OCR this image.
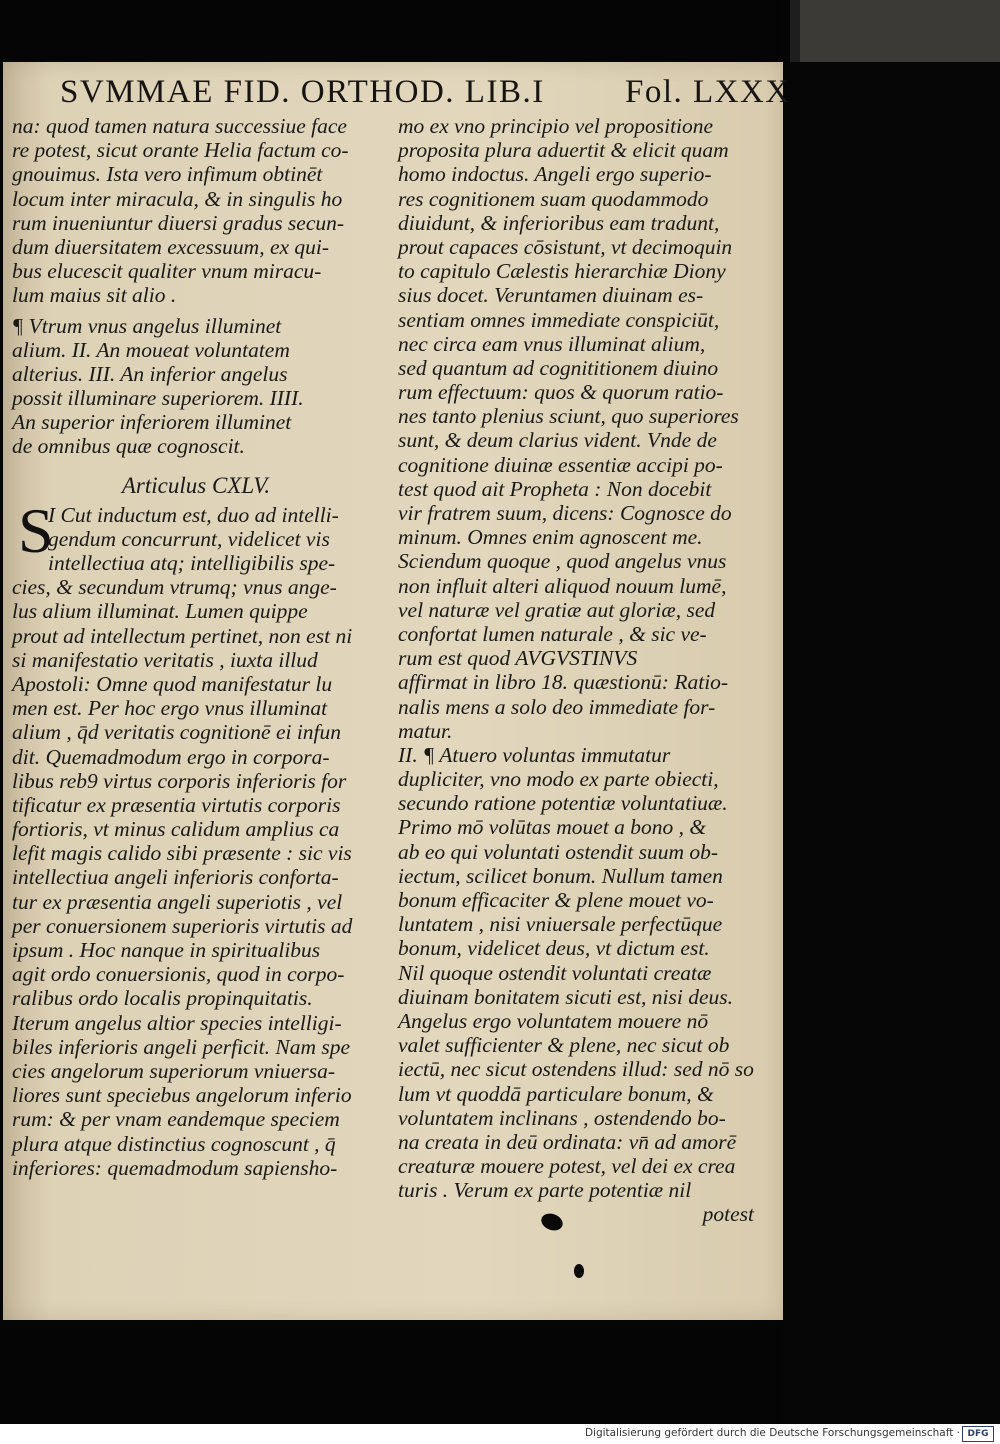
SVMMAE FID. ORTHOD. LIB.I Fol. LXXX
na: quod tamen natura successiue face
re potest, sicut orante Helia factum co-
gnouimus. Ista vero infimum obtinēt
locum inter miracula, & in singulis ho
rum inueniuntur diuersi gradus secun-
dum diuersitatem excessuum, ex qui-
bus elucescit qualiter vnum miracu-
lum maius sit alio .
¶ Vtrum vnus angelus illuminet
alium. II. An moueat voluntatem
alterius. III. An inferior angelus
possit illuminare superiorem. IIII.
An superior inferiorem illuminet
de omnibus quæ cognoscit.
Articulus CXLV.
S
I Cut inductum est, duo ad intelli-
gendum concurrunt, videlicet vis
intellectiua atq; intelligibilis spe-
cies, & secundum vtrumq; vnus ange-
lus alium illuminat. Lumen quippe
prout ad intellectum pertinet, non est ni
si manifestatio veritatis , iuxta illud
Apostoli: Omne quod manifestatur lu
men est. Per hoc ergo vnus illuminat
alium , q̄d veritatis cognitionē ei infun
dit. Quemadmodum ergo in corpora-
libus reb9 virtus corporis inferioris for
tificatur ex præsentia virtutis corporis
fortioris, vt minus calidum amplius ca
lefit magis calido sibi præsente : sic vis
intellectiua angeli inferioris conforta-
tur ex præsentia angeli superiotis , vel
per conuersionem superioris virtutis ad
ipsum . Hoc nanque in spiritualibus
agit ordo conuersionis, quod in corpo-
ralibus ordo localis propinquitatis.
Iterum angelus altior species intelligi-
biles inferioris angeli perficit. Nam spe
cies angelorum superiorum vniuersa-
liores sunt speciebus angelorum inferio
rum: & per vnam eandemque speciem
plura atque distinctius cognoscunt , q̄
inferiores: quemadmodum sapiensho-
mo ex vno principio vel propositione
proposita plura aduertit & elicit quam
homo indoctus. Angeli ergo superio-
res cognitionem suam quodammodo
diuidunt, & inferioribus eam tradunt,
prout capaces cōsistunt, vt decimoquin
to capitulo Cælestis hierarchiæ Diony
sius docet. Veruntamen diuinam es-
sentiam omnes immediate conspiciūt,
nec circa eam vnus illuminat alium,
sed quantum ad cognititionem diuino
rum effectuum: quos & quorum ratio-
nes tanto plenius sciunt, quo superiores
sunt, & deum clarius vident. Vnde de
cognitione diuinæ essentiæ accipi po-
test quod ait Propheta : Non docebit
vir fratrem suum, dicens: Cognosce do
minum. Omnes enim agnoscent me.
Sciendum quoque , quod angelus vnus
non influit alteri aliquod nouum lumē,
vel naturæ vel gratiæ aut gloriæ, sed
confortat lumen naturale , & sic ve-
rum est quod AVGVSTINVS
affirmat in libro 18. quæstionū: Ratio-
nalis mens a solo deo immediate for-
matur.
II. ¶ Atuero voluntas immutatur
dupliciter, vno modo ex parte obiecti,
secundo ratione potentiæ voluntatiuæ.
Primo mō volūtas mouet a bono , &
ab eo qui voluntati ostendit suum ob-
iectum, scilicet bonum. Nullum tamen
bonum efficaciter & plene mouet vo-
luntatem , nisi vniuersale perfectūque
bonum, videlicet deus, vt dictum est.
Nil quoque ostendit voluntati creatæ
diuinam bonitatem sicuti est, nisi deus.
Angelus ergo voluntatem mouere nō
valet sufficienter & plene, nec sicut ob
iectū, nec sicut ostendens illud: sed nō so
lum vt quoddā particulare bonum, &
voluntatem inclinans , ostendendo bo-
na creata in deū ordinata: vn̄ ad amorē
creaturæ mouere potest, vel dei ex crea
turis . Verum ex parte potentiæ nil
potest
Digitalisierung gefördert durch die Deutsche Forschungsgemeinschaft · DFG
